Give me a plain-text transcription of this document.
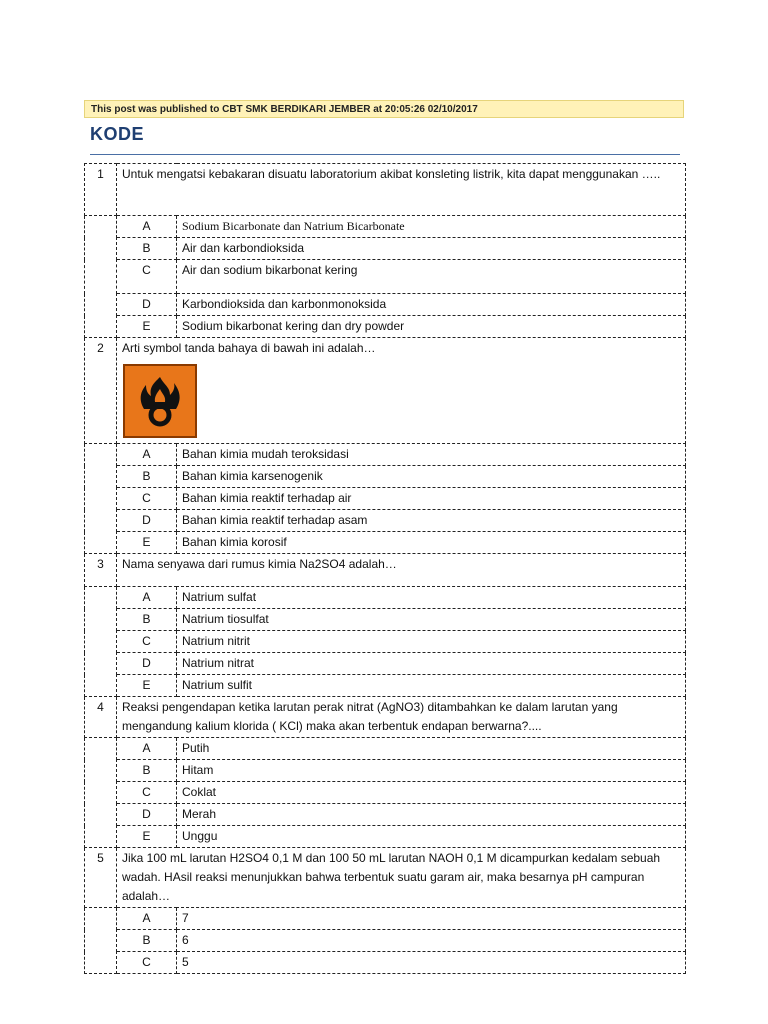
This post was published to CBT SMK BERDIKARI JEMBER at 20:05:26 02/10/2017
KODE
1	Untuk mengatsi kebakaran disuatu laboratorium akibat konsleting listrik, kita dapat menggunakan …..	
	A	Sodium Bicarbonate dan Natrium Bicarbonate
	B	Air dan karbondioksida
	C	Air dan sodium bikarbonat kering
	D	Karbondioksida dan karbonmonoksida
	E	Sodium bikarbonat kering dan dry powder
2	Arti symbol tanda bahaya di bawah ini adalah…	

	A	Bahan kimia mudah teroksidasi
	B	Bahan kimia karsenogenik
	C	Bahan kimia reaktif terhadap air
	D	Bahan kimia reaktif terhadap asam
	E	Bahan kimia korosif
3	Nama senyawa dari rumus kimia Na2SO4 adalah…	
	A	Natrium sulfat
	B	Natrium tiosulfat
	C	Natrium nitrit
	D	Natrium nitrat
	E	Natrium sulfit
4	Reaksi pengendapan ketika larutan perak nitrat (AgNO3) ditambahkan ke dalam larutan yang mengandung kalium klorida ( KCl) maka akan terbentuk endapan berwarna?....	
	A	Putih
	B	Hitam
	C	Coklat
	D	Merah
	E	Unggu
5	Jika 100 mL larutan H2SO4 0,1 M dan 100 50 mL larutan NAOH 0,1 M dicampurkan kedalam sebuah wadah. HAsil reaksi menunjukkan bahwa terbentuk suatu garam air, maka besarnya pH campuran adalah…	
	A	7
	B	6
	C	5
